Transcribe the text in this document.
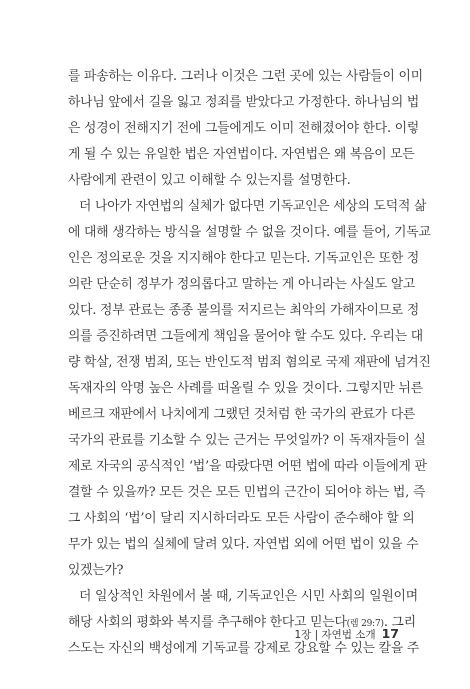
를 파송하는 이유다. 그러나 이것은 그런 곳에 있는 사람들이 이미
하나님 앞에서 길을 잃고 정죄를 받았다고 가정한다. 하나님의 법
은 성경이 전해지기 전에 그들에게도 이미 전해졌어야 한다. 이렇
게 될 수 있는 유일한 법은 자연법이다. 자연법은 왜 복음이 모든
사람에게 관련이 있고 이해할 수 있는지를 설명한다.
더 나아가 자연법의 실체가 없다면 기독교인은 세상의 도덕적 삶
에 대해 생각하는 방식을 설명할 수 없을 것이다. 예를 들어, 기독교
인은 정의로운 것을 지지해야 한다고 믿는다. 기독교인은 또한 정
의란 단순히 정부가 정의롭다고 말하는 게 아니라는 사실도 알고
있다. 정부 관료는 종종 불의를 저지르는 최악의 가해자이므로 정
의를 증진하려면 그들에게 책임을 물어야 할 수도 있다. 우리는 대
량 학살, 전쟁 범죄, 또는 반인도적 범죄 혐의로 국제 재판에 넘겨진
독재자의 악명 높은 사례를 떠올릴 수 있을 것이다. 그렇지만 뉘른
베르크 재판에서 나치에게 그랬던 것처럼 한 국가의 관료가 다른
국가의 관료를 기소할 수 있는 근거는 무엇일까? 이 독재자들이 실
제로 자국의 공식적인 ‘법’을 따랐다면 어떤 법에 따라 이들에게 판
결할 수 있을까? 모든 것은 모든 민법의 근간이 되어야 하는 법, 즉
그 사회의 ‘법’이 달리 지시하더라도 모든 사람이 준수해야 할 의
무가 있는 법의 실체에 달려 있다. 자연법 외에 어떤 법이 있을 수
있겠는가?
더 일상적인 차원에서 볼 때, 기독교인은 시민 사회의 일원이며
해당 사회의 평화와 복지를 추구해야 한다고 믿는다(렘 29:7). 그리
스도는 자신의 백성에게 기독교를 강제로 강요할 수 있는 칼을 주
1장 | 자연법 소개 17
